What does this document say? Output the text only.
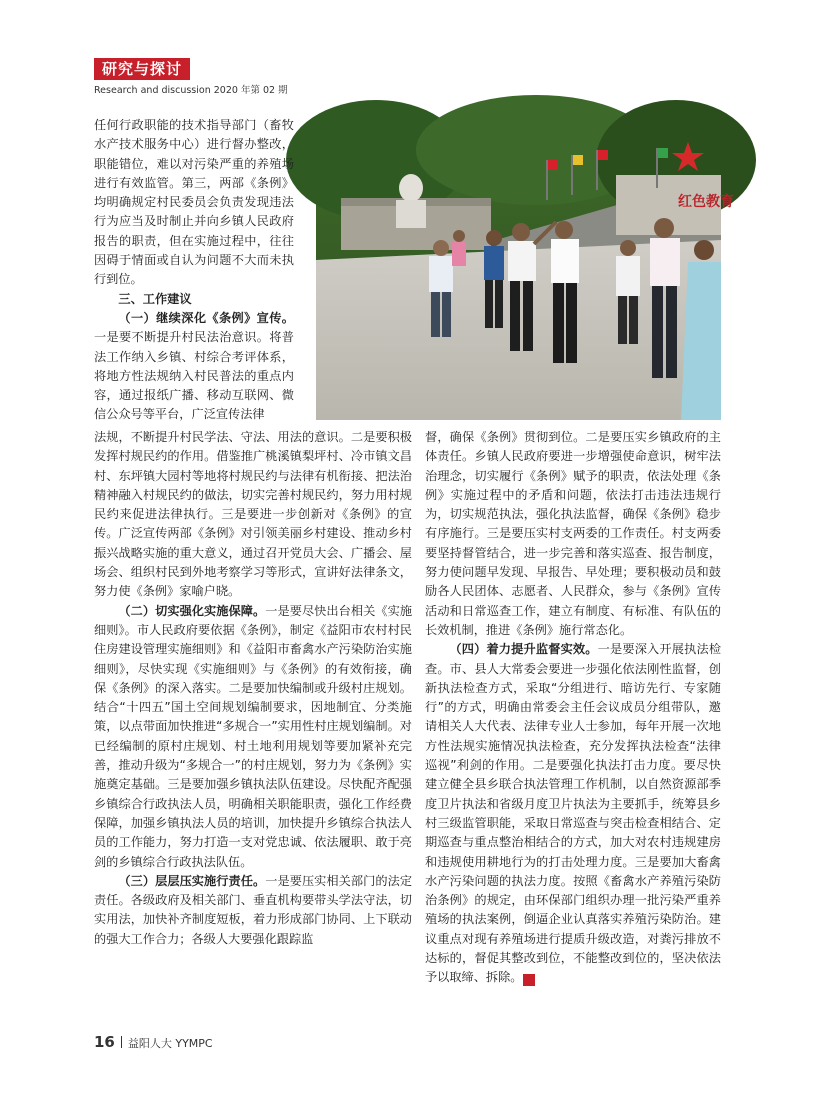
研究与探讨
Research and discussion 2020 年第 02 期
红色教育

任何行政职能的技术指导部门（畜牧水产技术服务中心）进行督办整改，职能错位，难以对污染严重的养殖场进行有效监管。第三，两部《条例》均明确规定村民委员会负责发现违法行为应当及时制止并向乡镇人民政府报告的职责，但在实施过程中，往往因碍于情面或自认为问题不大而未执行到位。

三、工作建议

（一）继续深化《条例》宣传。一是要不断提升村民法治意识。将普法工作纳入乡镇、村综合考评体系，将地方性法规纳入村民普法的重点内容，通过报纸广播、移动互联网、微信公众号等平台，广泛宣传法律

法规，不断提升村民学法、守法、用法的意识。二是要积极发挥村规民约的作用。借鉴推广桃溪镇梨坪村、冷市镇文昌村、东坪镇大园村等地将村规民约与法律有机衔接、把法治精神融入村规民约的做法，切实完善村规民约，努力用村规民约来促进法律执行。三是要进一步创新对《条例》的宣传。广泛宣传两部《条例》对引领美丽乡村建设、推动乡村振兴战略实施的重大意义，通过召开党员大会、广播会、屋场会、组织村民到外地考察学习等形式，宣讲好法律条文，努力使《条例》家喻户晓。

（二）切实强化实施保障。一是要尽快出台相关《实施细则》。市人民政府要依据《条例》，制定《益阳市农村村民住房建设管理实施细则》和《益阳市畜禽水产污染防治实施细则》，尽快实现《实施细则》与《条例》的有效衔接，确保《条例》的深入落实。二是要加快编制或升级村庄规划。结合“十四五”国土空间规划编制要求，因地制宜、分类施策，以点带面加快推进“多规合一”实用性村庄规划编制。对已经编制的原村庄规划、村土地利用规划等要加紧补充完善，推动升级为“多规合一”的村庄规划，努力为《条例》实施奠定基础。三是要加强乡镇执法队伍建设。尽快配齐配强乡镇综合行政执法人员，明确相关职能职责，强化工作经费保障，加强乡镇执法人员的培训，加快提升乡镇综合执法人员的工作能力，努力打造一支对党忠诚、依法履职、敢于亮剑的乡镇综合行政执法队伍。

（三）层层压实施行责任。一是要压实相关部门的法定责任。各级政府及相关部门、垂直机构要带头学法守法，切实用法，加快补齐制度短板，着力形成部门协同、上下联动的强大工作合力；各级人大要强化跟踪监

督，确保《条例》贯彻到位。二是要压实乡镇政府的主体责任。乡镇人民政府要进一步增强使命意识，树牢法治理念，切实履行《条例》赋予的职责，依法处理《条例》实施过程中的矛盾和问题，依法打击违法违规行为，切实规范执法，强化执法监督，确保《条例》稳步有序施行。三是要压实村支两委的工作责任。村支两委要坚持督管结合，进一步完善和落实巡查、报告制度，努力使问题早发现、早报告、早处理；要积极动员和鼓励各人民团体、志愿者、人民群众，参与《条例》宣传活动和日常巡查工作，建立有制度、有标准、有队伍的长效机制，推进《条例》施行常态化。

（四）着力提升监督实效。一是要深入开展执法检查。市、县人大常委会要进一步强化依法刚性监督，创新执法检查方式，采取“分组进行、暗访先行、专家随行”的方式，明确由常委会主任会议成员分组带队，邀请相关人大代表、法律专业人士参加，每年开展一次地方性法规实施情况执法检查，充分发挥执法检查“法律巡视”利剑的作用。二是要强化执法打击力度。要尽快建立健全县乡联合执法管理工作机制，以自然资源部季度卫片执法和省级月度卫片执法为主要抓手，统筹县乡村三级监管职能，采取日常巡查与突击检查相结合、定期巡查与重点整治相结合的方式，加大对农村违规建房和违规使用耕地行为的打击处理力度。三是要加大畜禽水产污染问题的执法力度。按照《畜禽水产养殖污染防治条例》的规定，由环保部门组织办理一批污染严重养殖场的执法案例，倒逼企业认真落实养殖污染防治。建议重点对现有养殖场进行提质升级改造，对粪污排放不达标的，督促其整改到位，不能整改到位的，坚决依法予以取缔、拆除。	文

16 益阳人大 YYMPC
